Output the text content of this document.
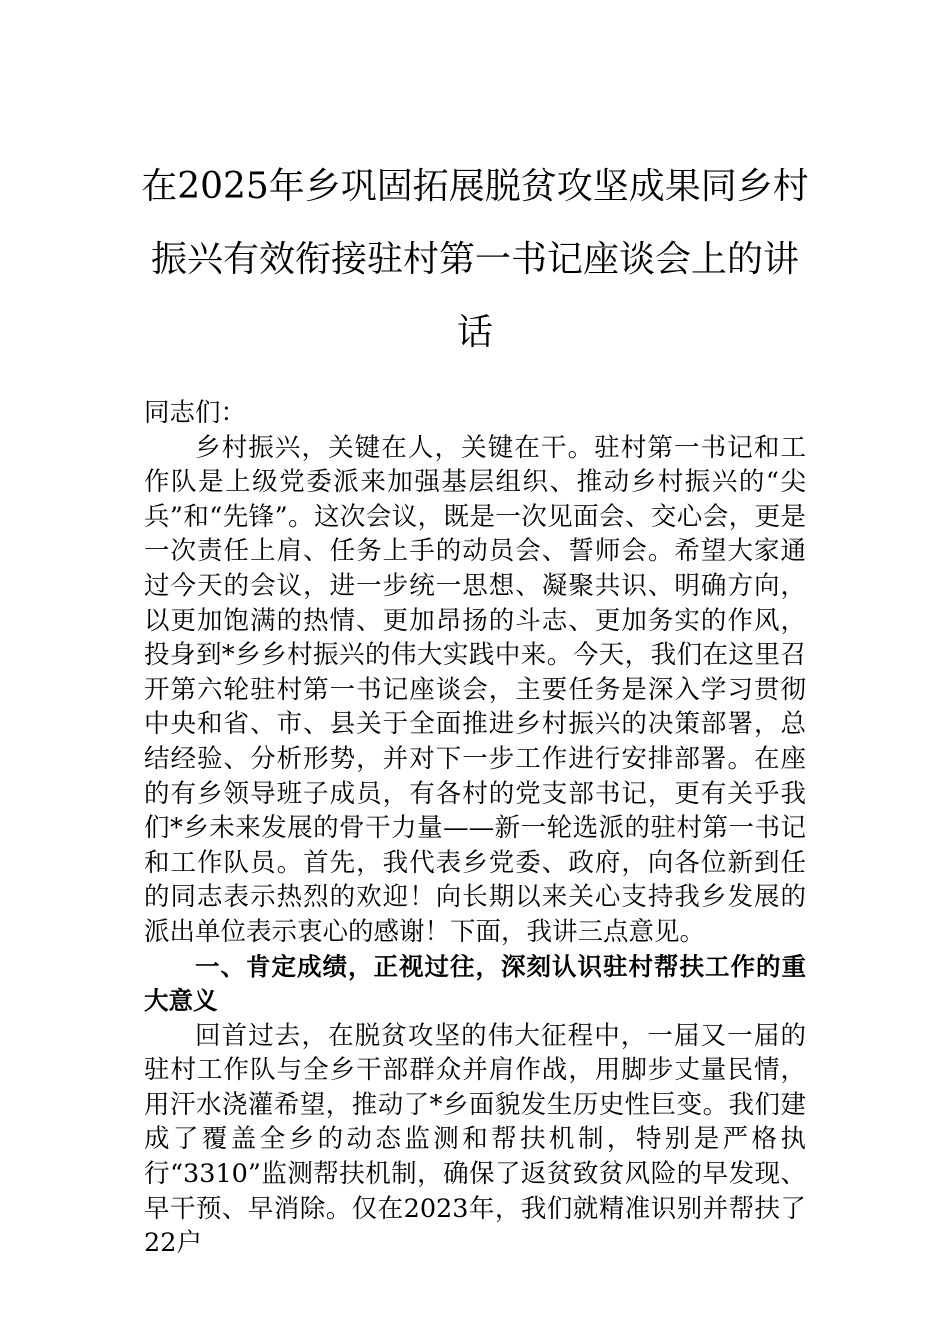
在2025年乡巩固拓展脱贫攻坚成果同乡村振兴有效衔接驻村第一书记座谈会上的讲话

同志们：

乡村振兴，关键在人，关键在干。驻村第一书记和工作队是上级党委派来加强基层组织、推动乡村振兴的“尖兵”和“先锋”。这次会议，既是一次见面会、交心会，更是一次责任上肩、任务上手的动员会、誓师会。希望大家通过今天的会议，进一步统一思想、凝聚共识、明确方向，以更加饱满的热情、更加昂扬的斗志、更加务实的作风，投身到*乡乡村振兴的伟大实践中来。今天，我们在这里召开第六轮驻村第一书记座谈会，主要任务是深入学习贯彻中央和省、市、县关于全面推进乡村振兴的决策部署，总结经验、分析形势，并对下一步工作进行安排部署。在座的有乡领导班子成员，有各村的党支部书记，更有关乎我们*乡未来发展的骨干力量——新一轮选派的驻村第一书记和工作队员。首先，我代表乡党委、政府，向各位新到任的同志表示热烈的欢迎！向长期以来关心支持我乡发展的派出单位表示衷心的感谢！下面，我讲三点意见。

一、肯定成绩，正视过往，深刻认识驻村帮扶工作的重大意义

回首过去，在脱贫攻坚的伟大征程中，一届又一届的驻村工作队与全乡干部群众并肩作战，用脚步丈量民情，用汗水浇灌希望，推动了*乡面貌发生历史性巨变。我们建成了覆盖全乡的动态监测和帮扶机制，特别是严格执行“3310”监测帮扶机制，确保了返贫致贫风险的早发现、早干预、早消除。仅在2023年，我们就精准识别并帮扶了22户
